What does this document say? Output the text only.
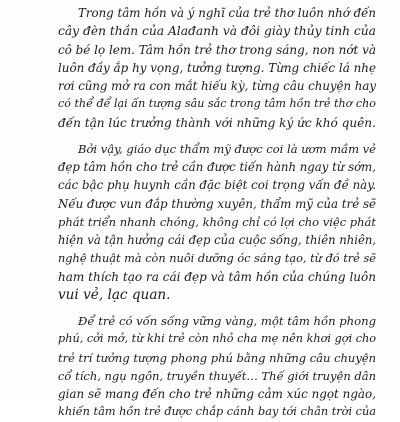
Trong tâm hồn và ý nghĩ của trẻ thơ luôn nhớ đến
cây đèn thần của Alađanh và đôi giày thủy tinh của
cô bé lọ lem. Tâm hồn trẻ thơ trong sáng, non nớt và
luôn đầy ắp hy vọng, tưởng tượng. Từng chiếc lá nhẹ
rơi cũng mở ra con mắt hiếu kỳ, từng câu chuyện hay
có thể để lại ấn tượng sâu sắc trong tâm hồn trẻ thơ cho
đến tận lúc trưởng thành với những ký ức khó quên.
Bởi vậy, giáo dục thẩm mỹ được coi là ươm mầm vẻ
đẹp tâm hồn cho trẻ cần được tiến hành ngay từ sớm,
các bậc phụ huynh cần đặc biệt coi trọng vấn đề này.
Nếu được vun đắp thường xuyên, thẩm mỹ của trẻ sẽ
phát triển nhanh chóng, không chỉ có lợi cho việc phát
hiện và tận hưởng cái đẹp của cuộc sống, thiên nhiên,
nghệ thuật mà còn nuôi dưỡng óc sáng tạo, từ đó trẻ sẽ
ham thích tạo ra cái đẹp và tâm hồn của chúng luôn
vui vẻ, lạc quan.
Để trẻ có vốn sống vững vàng, một tâm hồn phong
phú, cởi mở, từ khi trẻ còn nhỏ cha mẹ nên khơi gợi cho
trẻ trí tưởng tượng phong phú bằng những câu chuyện
cổ tích, ngụ ngôn, truyền thuyết… Thế giới truyện dân
gian sẽ mang đến cho trẻ những cảm xúc ngọt ngào,
khiến tâm hồn trẻ được chắp cánh bay tới chân trời của
